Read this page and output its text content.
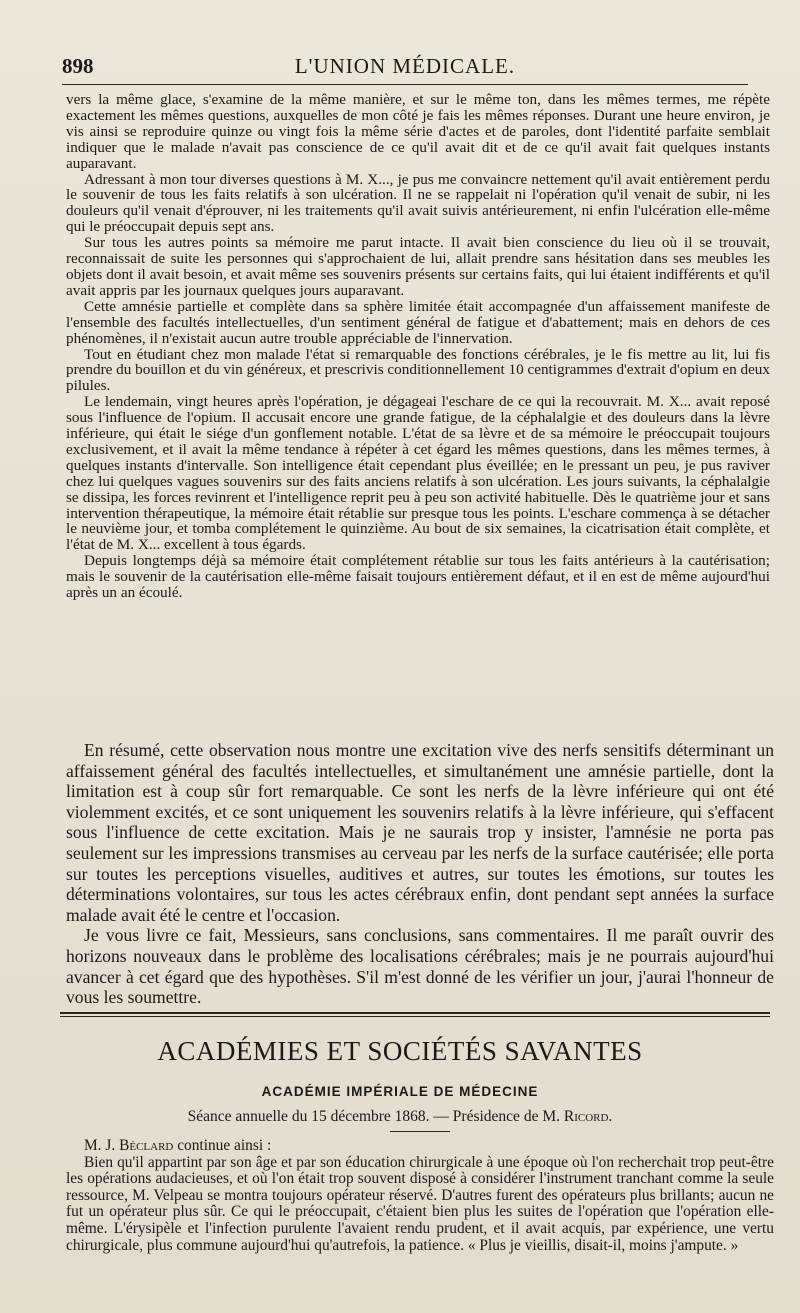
898	L'UNION MÉDICALE.

vers la même glace, s'examine de la même manière, et sur le même ton, dans les mêmes termes, me répète exactement les mêmes questions, auxquelles de mon côté je fais les mêmes réponses. Durant une heure environ, je vis ainsi se reproduire quinze ou vingt fois la même série d'actes et de paroles, dont l'identité parfaite semblait indiquer que le malade n'avait pas conscience de ce qu'il avait dit et de ce qu'il avait fait quelques instants auparavant.

Adressant à mon tour diverses questions à M. X..., je pus me convaincre nettement qu'il avait entièrement perdu le souvenir de tous les faits relatifs à son ulcération. Il ne se rappelait ni l'opération qu'il venait de subir, ni les douleurs qu'il venait d'éprouver, ni les traitements qu'il avait suivis antérieurement, ni enfin l'ulcération elle-même qui le préoccupait depuis sept ans.

Sur tous les autres points sa mémoire me parut intacte. Il avait bien conscience du lieu où il se trouvait, reconnaissait de suite les personnes qui s'approchaient de lui, allait prendre sans hésitation dans ses meubles les objets dont il avait besoin, et avait même ses souvenirs présents sur certains faits, qui lui étaient indifférents et qu'il avait appris par les journaux quelques jours auparavant.

Cette amnésie partielle et complète dans sa sphère limitée était accompagnée d'un affaissement manifeste de l'ensemble des facultés intellectuelles, d'un sentiment général de fatigue et d'abattement; mais en dehors de ces phénomènes, il n'existait aucun autre trouble appréciable de l'innervation.

Tout en étudiant chez mon malade l'état si remarquable des fonctions cérébrales, je le fis mettre au lit, lui fis prendre du bouillon et du vin généreux, et prescrivis conditionnellement 10 centigrammes d'extrait d'opium en deux pilules.

Le lendemain, vingt heures après l'opération, je dégageai l'eschare de ce qui la recouvrait. M. X... avait reposé sous l'influence de l'opium. Il accusait encore une grande fatigue, de la céphalalgie et des douleurs dans la lèvre inférieure, qui était le siége d'un gonflement notable. L'état de sa lèvre et de sa mémoire le préoccupait toujours exclusivement, et il avait la même tendance à répéter à cet égard les mêmes questions, dans les mêmes termes, à quelques instants d'intervalle. Son intelligence était cependant plus éveillée; en le pressant un peu, je pus raviver chez lui quelques vagues souvenirs sur des faits anciens relatifs à son ulcération. Les jours suivants, la céphalalgie se dissipa, les forces revinrent et l'intelligence reprit peu à peu son activité habituelle. Dès le quatrième jour et sans intervention thérapeutique, la mémoire était rétablie sur presque tous les points. L'eschare commença à se détacher le neuvième jour, et tomba complétement le quinzième. Au bout de six semaines, la cicatrisation était complète, et l'état de M. X... excellent à tous égards.

Depuis longtemps déjà sa mémoire était complétement rétablie sur tous les faits antérieurs à la cautérisation; mais le souvenir de la cautérisation elle-même faisait toujours entièrement défaut, et il en est de même aujourd'hui après un an écoulé.

En résumé, cette observation nous montre une excitation vive des nerfs sensitifs déterminant un affaissement général des facultés intellectuelles, et simultanément une amnésie partielle, dont la limitation est à coup sûr fort remarquable. Ce sont les nerfs de la lèvre inférieure qui ont été violemment excités, et ce sont uniquement les souvenirs relatifs à la lèvre inférieure, qui s'effacent sous l'influence de cette excitation. Mais je ne saurais trop y insister, l'amnésie ne porta pas seulement sur les impressions transmises au cerveau par les nerfs de la surface cautérisée; elle porta sur toutes les perceptions visuelles, auditives et autres, sur toutes les émotions, sur toutes les déterminations volontaires, sur tous les actes cérébraux enfin, dont pendant sept années la surface malade avait été le centre et l'occasion.

Je vous livre ce fait, Messieurs, sans conclusions, sans commentaires. Il me paraît ouvrir des horizons nouveaux dans le problème des localisations cérébrales; mais je ne pourrais aujourd'hui avancer à cet égard que des hypothèses. S'il m'est donné de les vérifier un jour, j'aurai l'honneur de vous les soumettre.

ACADÉMIES ET SOCIÉTÉS SAVANTES
ACADÉMIE IMPÉRIALE DE MÉDECINE
Séance annuelle du 15 décembre 1868. — Présidence de M. Ricord.

M. J. Béclard continue ainsi :

Bien qu'il appartint par son âge et par son éducation chirurgicale à une époque où l'on recherchait trop peut-être les opérations audacieuses, et où l'on était trop souvent disposé à considérer l'instrument tranchant comme la seule ressource, M. Velpeau se montra toujours opérateur réservé. D'autres furent des opérateurs plus brillants; aucun ne fut un opérateur plus sûr. Ce qui le préoccupait, c'étaient bien plus les suites de l'opération que l'opération elle-même. L'érysipèle et l'infection purulente l'avaient rendu prudent, et il avait acquis, par expérience, une vertu chirurgicale, plus commune aujourd'hui qu'autrefois, la patience. « Plus je vieillis, disait-il, moins j'ampute. »
